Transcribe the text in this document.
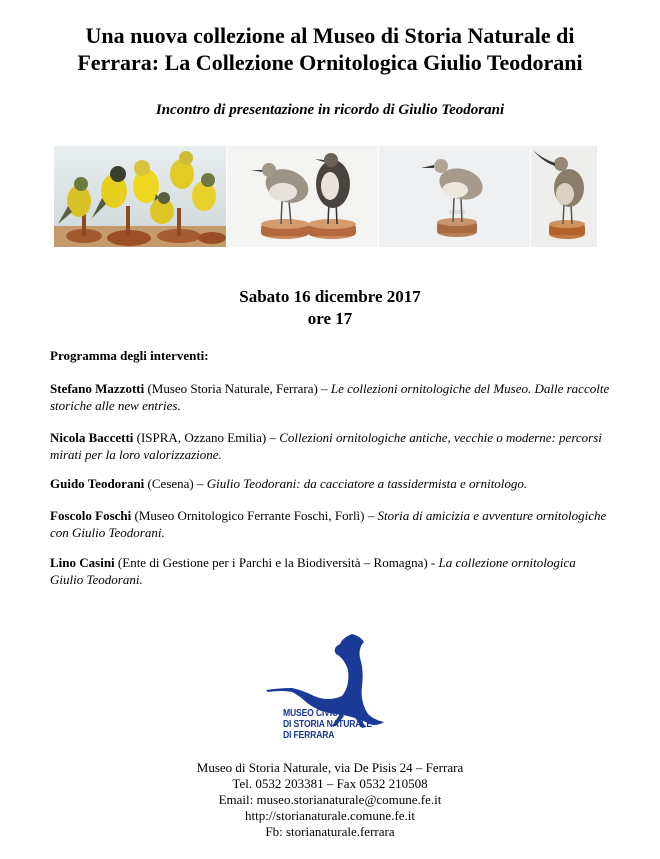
Una nuova collezione al Museo di Storia Naturale di
Ferrara: La Collezione Ornitologica Giulio Teodorani

Incontro di presentazione in ricordo di Giulio Teodorani

Sabato 16 dicembre 2017
ore 17
Programma degli interventi:
Stefano Mazzotti (Museo Storia Naturale, Ferrara) – Le collezioni ornitologiche del Museo. Dalle raccolte storiche alle new entries.
Nicola Baccetti (ISPRA, Ozzano Emilia) – Collezioni ornitologiche antiche, vecchie o moderne: percorsi mirati per la loro valorizzazione.
Guido Teodorani (Cesena) – Giulio Teodorani: da cacciatore a tassidermista e ornitologo.
Foscolo Foschi (Museo Ornitologico Ferrante Foschi, Forlì) – Storia di amicizia e avventure ornitologiche con Giulio Teodorani.
Lino Casini (Ente di Gestione per i Parchi e la Biodiversità – Romagna) - La collezione ornitologica Giulio Teodorani.
MUSEO CIVICO
DI STORIA NATURALE
DI FERRARA
Museo di Storia Naturale, via De Pisis 24 – Ferrara
Tel. 0532 203381 – Fax 0532 210508
Email: museo.storianaturale@comune.fe.it
http://storianaturale.comune.fe.it
Fb: storianaturale.ferrara
